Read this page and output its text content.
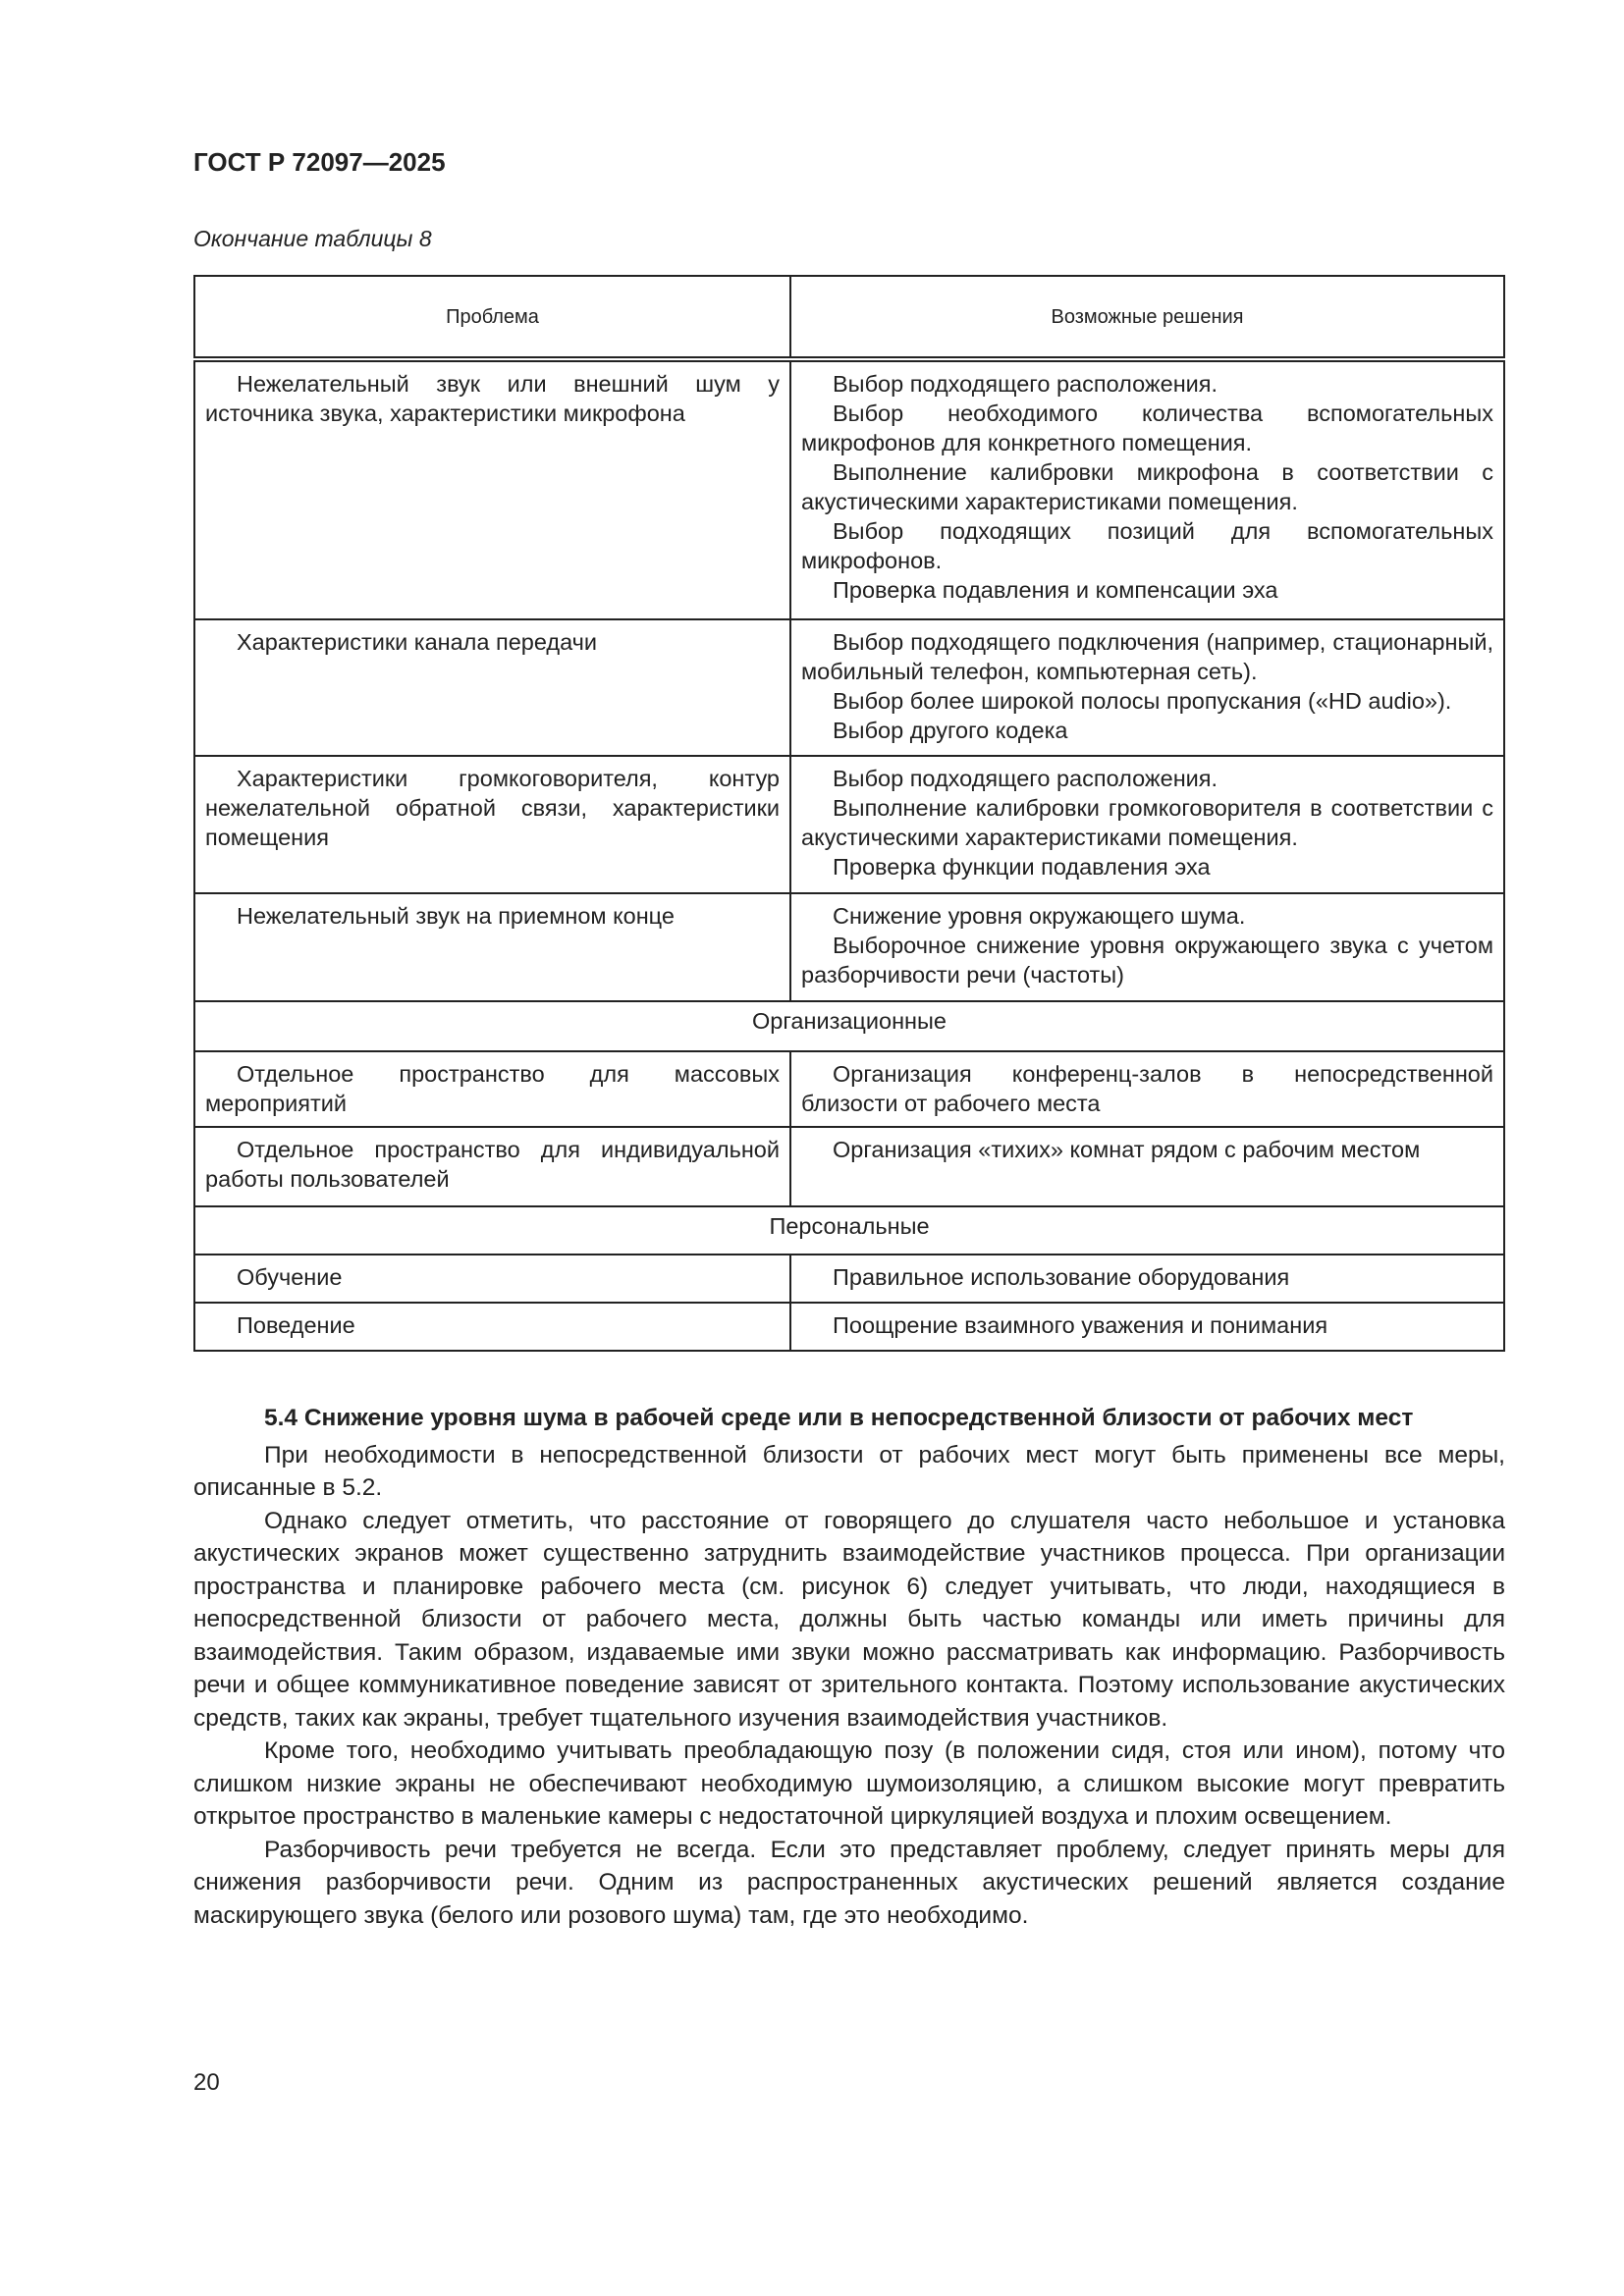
ГОСТ Р 72097—2025
Окончание таблицы 8
Проблема	Возможные решения

Нежелательный звук или внешний шум у источника звука, характеристики микрофона	Выбор подходящего расположения.

Выбор необходимого количества вспомогательных микрофонов для конкретного помещения.

Выполнение калибровки микрофона в соответствии с акустическими характеристиками помещения.

Выбор подходящих позиций для вспомогательных микрофонов.

Проверка подавления и компенсации эха

Характеристики канала передачи	Выбор подходящего подключения (например, стационарный, мобильный телефон, компьютерная сеть).

Выбор более широкой полосы пропускания («HD audio»).

Выбор другого кодека

Характеристики громкоговорителя, контур нежелательной обратной связи, характеристики помещения	Выбор подходящего расположения.

Выполнение калибровки громкоговорителя в соответствии с акустическими характеристиками помещения.

Проверка функции подавления эха

Нежелательный звук на приемном конце	Снижение уровня окружающего шума.

Выборочное снижение уровня окружающего звука с учетом разборчивости речи (частоты)

Организационные	

Отдельное пространство для массовых мероприятий	Организация конференц-залов в непосредственной близости от рабочего места

Отдельное пространство для индивидуальной работы пользователей	Организация «тихих» комнат рядом с рабочим местом

Персональные	

Обучение	Правильное использование оборудования

Поведение	Поощрение взаимного уважения и понимания

5.4 Снижение уровня шума в рабочей среде или в непосредственной близости от рабочих мест

При необходимости в непосредственной близости от рабочих мест могут быть применены все меры, описанные в 5.2.

Однако следует отметить, что расстояние от говорящего до слушателя часто небольшое и установка акустических экранов может существенно затруднить взаимодействие участников процесса. При организации пространства и планировке рабочего места (см. рисунок 6) следует учитывать, что люди, находящиеся в непосредственной близости от рабочего места, должны быть частью команды или иметь причины для взаимодействия. Таким образом, издаваемые ими звуки можно рассматривать как информацию. Разборчивость речи и общее коммуникативное поведение зависят от зрительного контакта. Поэтому использование акустических средств, таких как экраны, требует тщательного изучения взаимодействия участников.

Кроме того, необходимо учитывать преобладающую позу (в положении сидя, стоя или ином), потому что слишком низкие экраны не обеспечивают необходимую шумоизоляцию, а слишком высокие могут превратить открытое пространство в маленькие камеры с недостаточной циркуляцией воздуха и плохим освещением.

Разборчивость речи требуется не всегда. Если это представляет проблему, следует принять меры для снижения разборчивости речи. Одним из распространенных акустических решений является создание маскирующего звука (белого или розового шума) там, где это необходимо.

20
